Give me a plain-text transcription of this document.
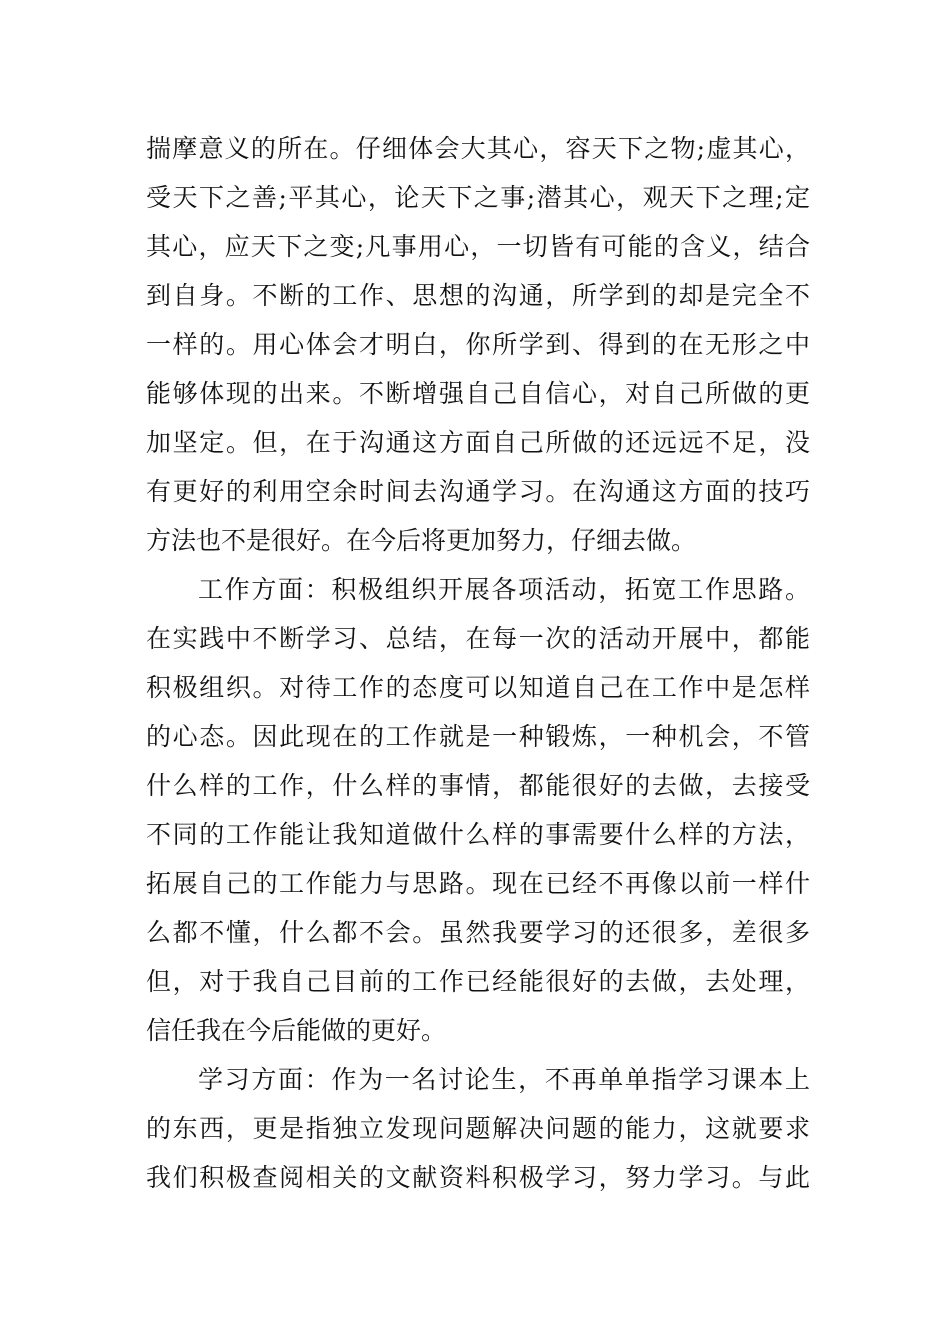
揣摩意义的所在。仔细体会大其心，容天下之物;虚其心，
受天下之善;平其心，论天下之事;潜其心，观天下之理;定
其心，应天下之变;凡事用心，一切皆有可能的含义，结合
到自身。不断的工作、思想的沟通，所学到的却是完全不
一样的。用心体会才明白，你所学到、得到的在无形之中
能够体现的出来。不断增强自己自信心，对自己所做的更
加坚定。但，在于沟通这方面自己所做的还远远不足，没
有更好的利用空余时间去沟通学习。在沟通这方面的技巧
方法也不是很好。在今后将更加努力，仔细去做。
工作方面：积极组织开展各项活动，拓宽工作思路。
在实践中不断学习、总结，在每一次的活动开展中，都能
积极组织。对待工作的态度可以知道自己在工作中是怎样
的心态。因此现在的工作就是一种锻炼，一种机会，不管
什么样的工作，什么样的事情，都能很好的去做，去接受
不同的工作能让我知道做什么样的事需要什么样的方法，
拓展自己的工作能力与思路。现在已经不再像以前一样什
么都不懂，什么都不会。虽然我要学习的还很多，差很多
但，对于我自己目前的工作已经能很好的去做，去处理，
信任我在今后能做的更好。
学习方面：作为一名讨论生，不再单单指学习课本上
的东西，更是指独立发现问题解决问题的能力，这就要求
我们积极查阅相关的文献资料积极学习，努力学习。与此
